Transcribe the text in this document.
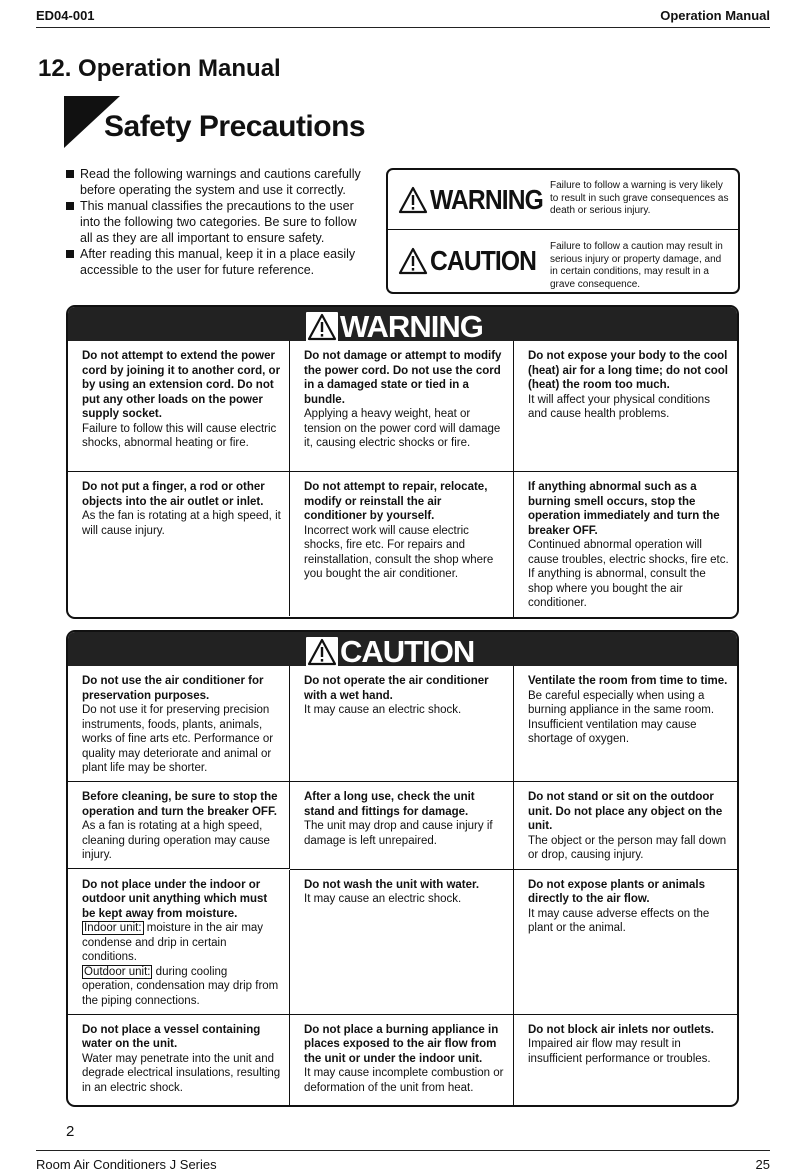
ED04-001	Operation Manual
12. Operation Manual
Safety Precautions
Read the following warnings and cautions carefully before operating the system and use it correctly.
This manual classifies the precautions to the user into the following two categories. Be sure to follow all as they are all important to ensure safety.
After reading this manual, keep it in a place easily accessible to the user for future reference.
WARNING Failure to follow a warning is very likely to result in such grave consequences as death or serious injury.
CAUTION Failure to follow a caution may result in serious injury or property damage, and in certain conditions, may result in a grave consequence.
WARNING
Do not attempt to extend the power cord by joining it to another cord, or by using an extension cord. Do not put any other loads on the power supply socket.
Failure to follow this will cause electric shocks, abnormal heating or fire.
Do not damage or attempt to modify the power cord. Do not use the cord in a damaged state or tied in a bundle.
Applying a heavy weight, heat or tension on the power cord will damage it, causing electric shocks or fire.
Do not expose your body to the cool (heat) air for a long time; do not cool (heat) the room too much.
It will affect your physical conditions and cause health problems.
Do not put a finger, a rod or other objects into the air outlet or inlet.
As the fan is rotating at a high speed, it will cause injury.
Do not attempt to repair, relocate, modify or reinstall the air conditioner by yourself.
Incorrect work will cause electric shocks, fire etc. For repairs and reinstallation, consult the shop where you bought the air conditioner.
If anything abnormal such as a burning smell occurs, stop the operation immediately and turn the breaker OFF.
Continued abnormal operation will cause troubles, electric shocks, fire etc. If anything is abnormal, consult the shop where you bought the air conditioner.
CAUTION
Do not use the air conditioner for preservation purposes.
Do not use it for preserving precision instruments, foods, plants, animals, works of fine arts etc. Performance or quality may deteriorate and animal or plant life may be shorter.
Do not operate the air conditioner with a wet hand.
It may cause an electric shock.
Ventilate the room from time to time.
Be careful especially when using a burning appliance in the same room. Insufficient ventilation may cause shortage of oxygen.
Before cleaning, be sure to stop the operation and turn the breaker OFF.
As a fan is rotating at a high speed, cleaning during operation may cause injury.
After a long use, check the unit stand and fittings for damage.
The unit may drop and cause injury if damage is left unrepaired.
Do not stand or sit on the outdoor unit. Do not place any object on the unit.
The object or the person may fall down or drop, causing injury.
Do not place under the indoor or outdoor unit anything which must be kept away from moisture.
Indoor unit: moisture in the air may condense and drip in certain conditions.
Outdoor unit: during cooling operation, condensation may drip from the piping connections.
Do not wash the unit with water.
It may cause an electric shock.
Do not expose plants or animals directly to the air flow.
It may cause adverse effects on the plant or the animal.
Do not place a vessel containing water on the unit.
Water may penetrate into the unit and degrade electrical insulations, resulting in an electric shock.
Do not place a burning appliance in places exposed to the air flow from the unit or under the indoor unit.
It may cause incomplete combustion or deformation of the unit from heat.
Do not block air inlets nor outlets.
Impaired air flow may result in insufficient performance or troubles.
2
Room Air Conditioners J Series	25
